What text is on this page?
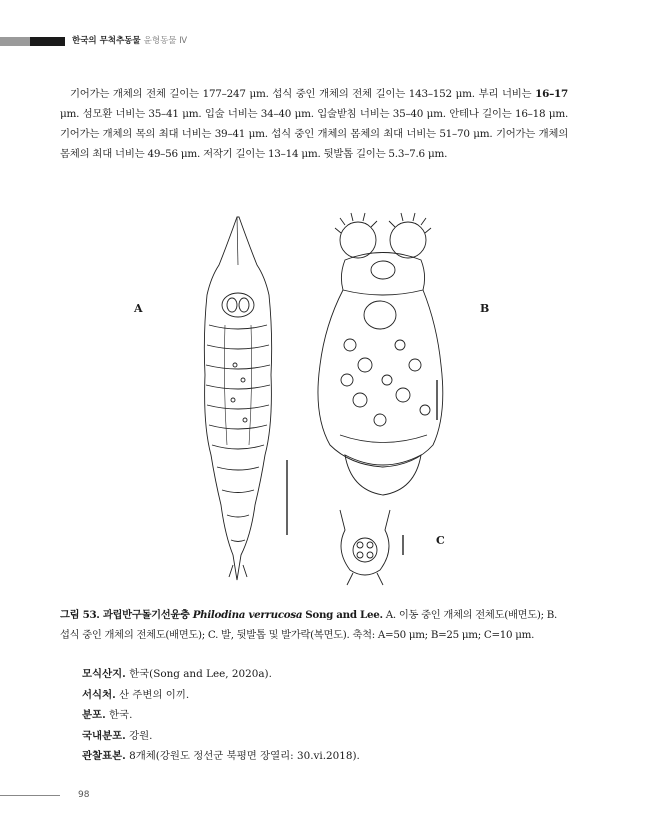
한국의 무척추동물 윤형동물 Ⅳ
기어가는 개체의 전체 길이는 177–247 μm. 섭식 중인 개체의 전체 길이는 143–152 μm. 부리 너비는 16–17 μm. 섬모환 너비는 35–41 μm. 입술 너비는 34–40 μm. 입술받침 너비는 35–40 μm. 안테나 길이는 16–18 μm. 기어가는 개체의 목의 최대 너비는 39–41 μm. 섭식 중인 개체의 몸체의 최대 너비는 51–70 μm. 기어가는 개체의 몸체의 최대 너비는 49–56 μm. 저작기 길이는 13–14 μm. 뒷발톱 길이는 5.3–7.6 μm.
A	B
C
그림 53. 과립반구돌기선윤충 Philodina verrucosa Song and Lee. A. 이동 중인 개체의 전체도(배면도); B. 섭식 중인 개체의 전체도(배면도); C. 발, 뒷발톱 및 발가락(복면도). 축척: A=50 μm; B=25 μm; C=10 μm.
모식산지. 한국(Song and Lee, 2020a).
서식처. 산 주변의 이끼.
분포. 한국.
국내분포. 강원.
관찰표본. 8개체(강원도 정선군 북평면 장열리: 30.vi.2018).
98
